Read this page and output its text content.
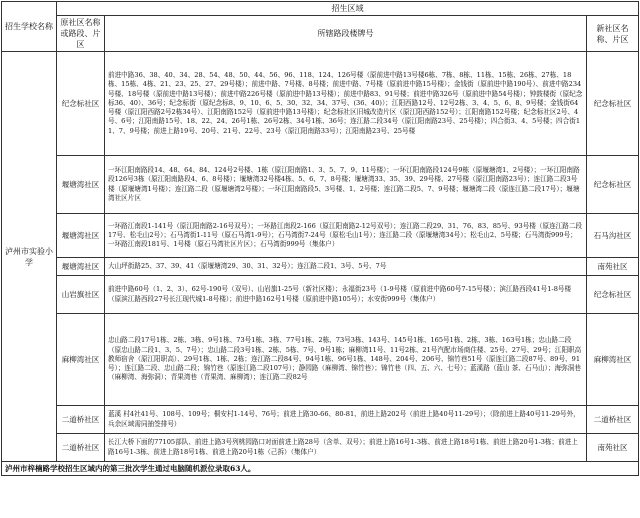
招生学校名称	招生区域		
	原社区名称或路段、片区	所辖路段楼牌号	新社区名称、片区
泸州市实验小学	纪念标社区	前进中路36、38、40、34、28、54、48、50、44、56、96、118、124、126号楼（原前进中路13号楼6栋、7栋、8栋、11栋、15栋、26栋、27栋、18栋、15栋、4栋、21、23、25、27、29号楼）；前进中路、7号楼、8号楼；前进中路、7号楼（原前进中路15号楼）；金钱街（原前进中路190号）、前进中路234号楼、18号楼（原前进中路13号楼）；前进中路226号楼（原前进中路13号楼）；前进中路83、91号楼；前进中路326号（原前进中路54号楼）；钟鼓楼街（原纪念标36、40）、36号；纪念标街（原纪念标8、9、10、6、5、30、32、34、37号、(36、40)）；江阳西路12号、12号2栋、3、4、5、6、8、9号楼；金钱街64号楼（原江阳西路2号2栋34号）、江阳南路152号（原前进中路13号楼）；纪念标社区旧城改造片区（原江阳西路152号）；江阳南路152号楼；纪念标社区2号、4号、6号；江阳南路15号、18、22、24、26号1栋、26号2栋、34号1栋、36号；连江路二段34号（原江阳南路23号、25号楼）；四合街3、4、5号楼；四合街11、7、9号楼；前进上路19号、20号、21号、22号、23号（原江阳南路33号）；江阳南路23号、25号楼	纪念标社区
	堰塘湾社区	一环江阳南路段14、48、64、84、124号2号楼、1栋（原江阳南路1、3、5、7、9、11号楼）；一环江阳南路段124号9栋（原堰塘湾1、2号楼）；一环江阳南路段126号3栋（原江阳南路段4、6、8号楼）；堰塘湾32号楼4栋、5、6、7、8号楼；堰塘湾33、35、39、29号楼、27号楼（原江阳南路23号）；连江路二段3号楼（原堰塘湾1号楼）；连江路二段（原堰塘湾2号楼）；一环江阳南路段5、3号楼、1、2号楼；连江路二段5、7、9号楼；堰塘湾二段（原连江路二段17号）；堰塘湾社区片区	纪念标社区
	堰塘湾社区	一环路江南段1-141号（原江阳南路2-16号双号）；一环路江南段2-166（原江阳南路2-12号双号）；连江路二段29、31、76、83、85号、93号楼（原连江路二段17号、松毛山2号）；石马湾街1-11号（原石马湾1-9号）；石马湾街7-24号（原松毛山1号）；连江路二段（原堰塘湾34号）；松毛山2、5号楼；石马湾街999号；一环路江南段181号、1号楼（原石马湾社区片区）；石马湾街999号（集体户）	石马沟社区
	堰塘湾社区	大山坪街路25、37、39、41（原堰塘湾29、30、31、32号）；连江路二段1、3号、5号、7号	南苑社区
	山岩旗社区	前进中路60号（1、2、3）、62号-190号（双号）、山岩旗1-25号（新社区楼）；永福街23号（1-9号楼（原前进中路60号7-15号楼）；滨江路西段41号1-8号楼（原滨江路西段27号长江现代城1-8号楼）；前进中路162号1号楼（原前进中路105号）；水安街999号（集体户）	纪念标社区
	麻柳湾社区	忠山路二段17号1栋、2栋、3栋、9号1栋、73号1栋、3栋、77号1栋、2栋、73号3栋、143号、145号1栋、165号1栋、2栋、3栋、163号1栋；忠山路二段（原忠山路二段1、3、5、7号）；忠山路二段3号1栋、2栋、5栋、7号、9号1栋；麻柳湾11号、11号2栋、21号汽配市场商住楼、25号、27号、29号；江阳职高教师宿舍（原江阳职高）、29号1栋、1栋、2栋；连江路二段84号、94号1栋、96号1栋、148号、204号、206号、锦竹巷51号（原连江路二段87号、89号、91号）；连江路二段、忠山路二段；锦竹巷（原连江路二段107号）；静园路（麻柳湾、锦竹巷）；锦竹巷（四、五、六、七号）；蓝溪路（蓝山 茶、石马山）；海弥洞巷（麻柳湾、海弥洞）；青果湾巷（青果湾、麻柳湾）；连江路二段82号	麻柳湾社区
	二道桥社区	蓝溪 村4社41号、108号、109号；桐安村1-14号、76号；前进上路30-66、80-81、前进上路202号（前进上路40号11-29号）；（除前进上路40号11-29号外，兵余区域需同抽签排号）	二道桥社区
	二道桥社区	长江大桥下面的77105部队、前进上路3号列桃园路口对面前进上路28号（含单、双号）；前进上路16号1-3栋、前进上路18号1栋、前进上路20号1-3栋；前进上路16号1-3栋、前进上路18号1栋、前进上路20号1栋（己拆）（集体户）	南苑社区
泸州市梓楠路学校招生区域内的第三批次学生通过电脑随机派位录取63人。			
